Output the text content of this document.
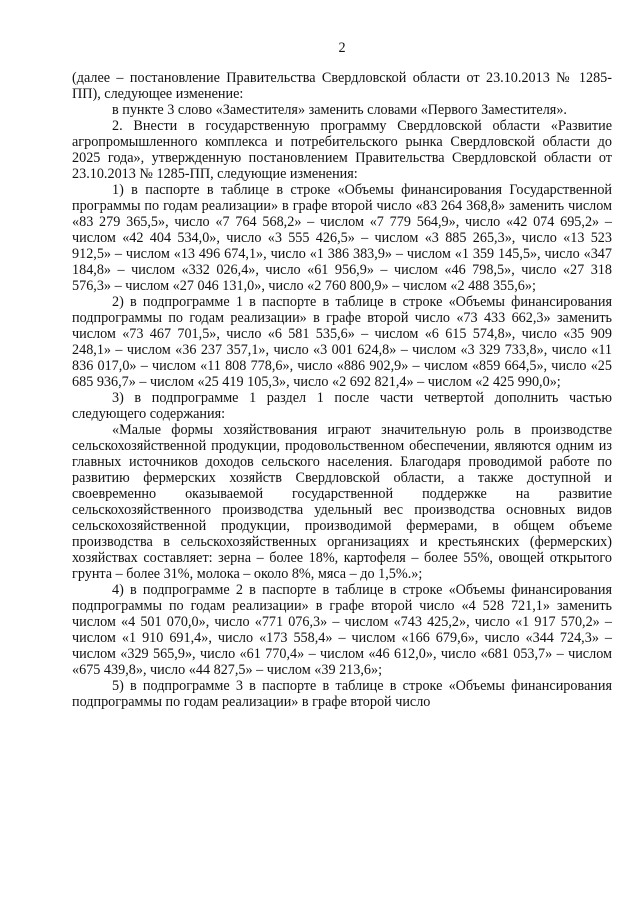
2

(далее – постановление Правительства Свердловской области от 23.10.2013 № 1285-ПП), следующее изменение:

в пункте 3 слово «Заместителя» заменить словами «Первого Заместителя».

2. Внести в государственную программу Свердловской области «Развитие агропромышленного комплекса и потребительского рынка Свердловской области до 2025 года», утвержденную постановлением Правительства Свердловской области от 23.10.2013 № 1285-ПП, следующие изменения:

1) в паспорте в таблице в строке «Объемы финансирования Государственной программы по годам реализации» в графе второй число «83 264 368,8» заменить числом «83 279 365,5», число «7 764 568,2» – числом «7 779 564,9», число «42 074 695,2» – числом «42 404 534,0», число «3 555 426,5» – числом «3 885 265,3», число «13 523 912,5» – числом «13 496 674,1», число «1 386 383,9» – числом «1 359 145,5», число «347 184,8» – числом «332 026,4», число «61 956,9» – числом «46 798,5», число «27 318 576,3» – числом «27 046 131,0», число «2 760 800,9» – числом «2 488 355,6»;

2) в подпрограмме 1 в паспорте в таблице в строке «Объемы финансирования подпрограммы по годам реализации» в графе второй число «73 433 662,3» заменить числом «73 467 701,5», число «6 581 535,6» – числом «6 615 574,8», число «35 909 248,1» – числом «36 237 357,1», число «3 001 624,8» – числом «3 329 733,8», число «11 836 017,0» – числом «11 808 778,6», число «886 902,9» – числом «859 664,5», число «25 685 936,7» – числом «25 419 105,3», число «2 692 821,4» – числом «2 425 990,0»;

3) в подпрограмме 1 раздел 1 после части четвертой дополнить частью следующего содержания:

«Малые формы хозяйствования играют значительную роль в производстве сельскохозяйственной продукции, продовольственном обеспечении, являются одним из главных источников доходов сельского населения. Благодаря проводимой работе по развитию фермерских хозяйств Свердловской области, а также доступной и своевременно оказываемой государственной поддержке на развитие сельскохозяйственного производства удельный вес производства основных видов сельскохозяйственной продукции, производимой фермерами, в общем объеме производства в сельскохозяйственных организациях и крестьянских (фермерских) хозяйствах составляет: зерна – более 18%, картофеля – более 55%, овощей открытого грунта – более 31%, молока – около 8%, мяса – до 1,5%.»;

4) в подпрограмме 2 в паспорте в таблице в строке «Объемы финансирования подпрограммы по годам реализации» в графе второй число «4 528 721,1» заменить числом «4 501 070,0», число «771 076,3» – числом «743 425,2», число «1 917 570,2» – числом «1 910 691,4», число «173 558,4» – числом «166 679,6», число «344 724,3» – числом «329 565,9», число «61 770,4» – числом «46 612,0», число «681 053,7» – числом «675 439,8», число «44 827,5» – числом «39 213,6»;

5) в подпрограмме 3 в паспорте в таблице в строке «Объемы финансирования подпрограммы по годам реализации» в графе второй число
